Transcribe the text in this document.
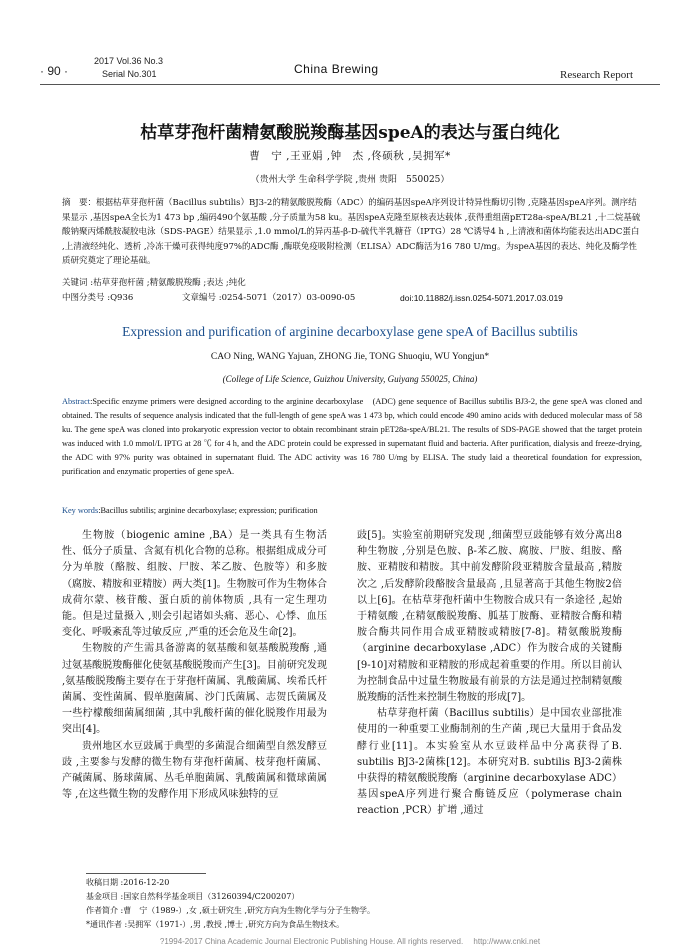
· 90 ·
2017 Vol.36 No.3
Serial No.301	China Brewing	Research Report
枯草芽孢杆菌精氨酸脱羧酶基因speA的表达与蛋白纯化
曹　宁 ,王亚娟 ,钟　杰 ,佟硕秋 ,吴拥军*
（贵州大学 生命科学学院 ,贵州 贵阳　550025）
摘　要：根据枯草芽孢杆菌（Bacillus subtilis）BJ3-2的精氨酸脱羧酶（ADC）的编码基因speA序列设计特异性酶切引物 ,克隆基因speA序列。测序结果显示 ,基因speA全长为1 473 bp ,编码490个氨基酸 ,分子质量为58 ku。基因speA克隆至原核表达载体 ,获得重组菌pET28a-speA/BL21 ,十二烷基硫酸钠聚丙烯酰胺凝胶电泳（SDS-PAGE）结果显示 ,1.0 mmol/L的异丙基-β-D-硫代半乳糖苷（IPTG）28 ℃诱导4 h ,上清液和菌体均能表达出ADC蛋白 ,上清液经纯化、透析 ,冷冻干燥可获得纯度97%的ADC酶 ,酶联免疫吸附检测（ELISA）ADC酶活为16 780 U/mg。为speA基因的表达、纯化及酶学性质研究奠定了理论基础。
关键词 :枯草芽孢杆菌 ;精氨酸脱羧酶 ;表达 ;纯化
中图分类号 :Q936	文章编号 :0254-5071（2017）03-0090-05	doi:10.11882/j.issn.0254-5071.2017.03.019
Expression and purification of arginine decarboxylase gene speA of Bacillus subtilis
CAO Ning, WANG Yajuan, ZHONG Jie, TONG Shuoqiu, WU Yongjun*
(College of Life Science, Guizhou University, Guiyang 550025, China)
Abstract:Specific enzyme primers were designed according to the arginine decarboxylase　(ADC) gene sequence of Bacillus subtilis BJ3-2, the gene speA was cloned and obtained. The results of sequence analysis indicated that the full-length of gene speA was 1 473 bp, which could encode 490 amino acids with deduced molecular mass of 58 ku. The gene speA was cloned into prokaryotic expression vector to obtain recombinant strain pET28a-speA/BL21. The results of SDS-PAGE showed that the target protein was induced with 1.0 mmol/L IPTG at 28 ℃ for 4 h, and the ADC protein could be expressed in supernatant fluid and bacteria. After purification, dialysis and freeze-drying, the ADC with 97% purity was obtained in supernatant fluid. The ADC activity was 16 780 U/mg by ELISA. The study laid a theoretical foundation for expression, purification and enzymatic properties of gene speA.
Key words:Bacillus subtilis; arginine decarboxylase; expression; purification

生物胺（biogenic amine ,BA）是一类具有生物活性、低分子质量、含氮有机化合物的总称。根据组成成分可分为单胺（酪胺、组胺、尸胺、苯乙胺、色胺等）和多胺（腐胺、精胺和亚精胺）两大类[1]。生物胺可作为生物体合成荷尔蒙、核苷酸、蛋白质的前体物质 ,具有一定生理功能。但是过量摄入 ,则会引起诸如头痛、恶心、心悸、血压变化、呼吸紊乱等过敏反应 ,严重的还会危及生命[2]。

生物胺的产生需具备游离的氨基酸和氨基酸脱羧酶 ,通过氨基酸脱羧酶催化使氨基酸脱羧而产生[3]。目前研究发现 ,氨基酸脱羧酶主要存在于芽孢杆菌属、乳酸菌属、埃希氏杆菌属、变性菌属、假单胞菌属、沙门氏菌属、志贺氏菌属及一些柠檬酸细菌属细菌 ,其中乳酸杆菌的催化脱羧作用最为突出[4]。

贵州地区水豆豉属于典型的多菌混合细菌型自然发酵豆豉 ,主要参与发酵的微生物有芽孢杆菌属、枝芽孢杆菌属、产碱菌属、肠球菌属、丛毛单胞菌属、乳酸菌属和微球菌属等 ,在这些微生物的发酵作用下形成风味独特的豆

豉[5]。实验室前期研究发现 ,细菌型豆豉能够有效分离出8种生物胺 ,分别是色胺、β-苯乙胺、腐胺、尸胺、组胺、酪胺、亚精胺和精胺。其中前发酵阶段亚精胺含量最高 ,精胺次之 ,后发酵阶段酪胺含量最高 ,且显著高于其他生物胺2倍以上[6]。在枯草芽孢杆菌中生物胺合成只有一条途径 ,起始于精氨酸 ,在精氨酸脱羧酶、胍基丁胺酶、亚精胺合酶和精胺合酶共同作用合成亚精胺或精胺[7-8]。精氨酸脱羧酶（arginine decarboxylase ,ADC）作为胺合成的关键酶[9-10]对精胺和亚精胺的形成起着重要的作用。所以目前认为控制食品中过量生物胺最有前景的方法是通过控制精氨酸脱羧酶的活性来控制生物胺的形成[7]。

枯草芽孢杆菌（Bacillus subtilis）是中国农业部批准使用的一种重要工业酶制剂的生产菌 ,现已大量用于食品发酵行业[11]。本实验室从水豆豉样品中分离获得了B. subtilis BJ3-2菌株[12]。本研究对B. subtilis BJ3-2菌株中获得的精氨酸脱羧酶（arginine decarboxylase ADC）基因speA序列进行聚合酶链反应（polymerase chain reaction ,PCR）扩增 ,通过

收稿日期 :2016-12-20
基金项目 :国家自然科学基金项目（31260394/C200207）
作者简介 :曹　宁（1989-）,女 ,硕士研究生 ,研究方向为生物化学与分子生物学。
*通讯作者 :吴拥军（1971-）,男 ,教授 ,博士 ,研究方向为食品生物技术。
?1994-2017 China Academic Journal Electronic Publishing House. All rights reserved.　 http://www.cnki.net
